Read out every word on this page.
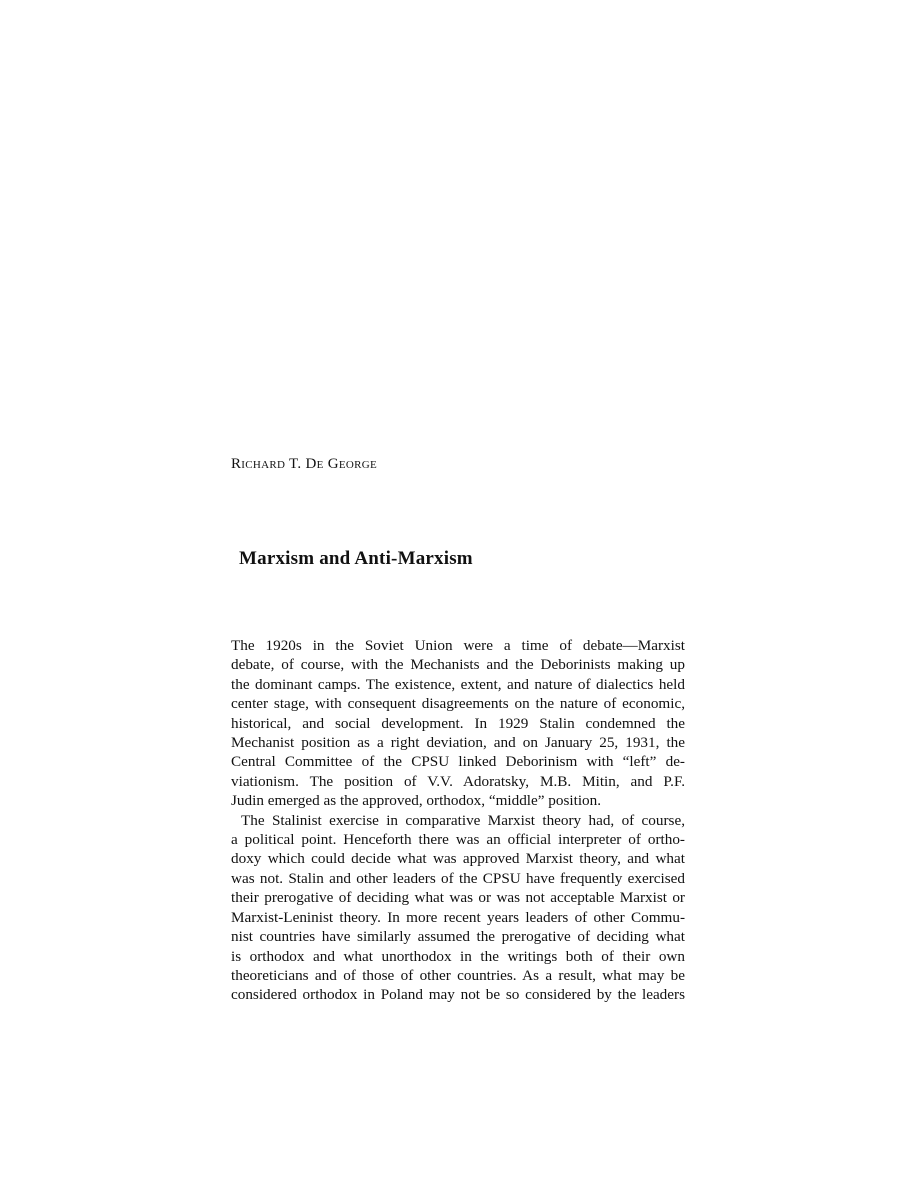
Richard T. De George
Marxism and Anti-Marxism
The 1920s in the Soviet Union were a time of debate—Marxist
debate, of course, with the Mechanists and the Deborinists making up
the dominant camps. The existence, extent, and nature of dialectics held
center stage, with consequent disagreements on the nature of economic,
historical, and social development. In 1929 Stalin condemned the
Mechanist position as a right deviation, and on January 25, 1931, the
Central Committee of the CPSU linked Deborinism with “left” de-
viationism. The position of V.V. Adoratsky, M.B. Mitin, and P.F.
Judin emerged as the approved, orthodox, “middle” position.
The Stalinist exercise in comparative Marxist theory had, of course,
a political point. Henceforth there was an official interpreter of ortho-
doxy which could decide what was approved Marxist theory, and what
was not. Stalin and other leaders of the CPSU have frequently exercised
their prerogative of deciding what was or was not acceptable Marxist or
Marxist-Leninist theory. In more recent years leaders of other Commu-
nist countries have similarly assumed the prerogative of deciding what
is orthodox and what unorthodox in the writings both of their own
theoreticians and of those of other countries. As a result, what may be
considered orthodox in Poland may not be so considered by the leaders
